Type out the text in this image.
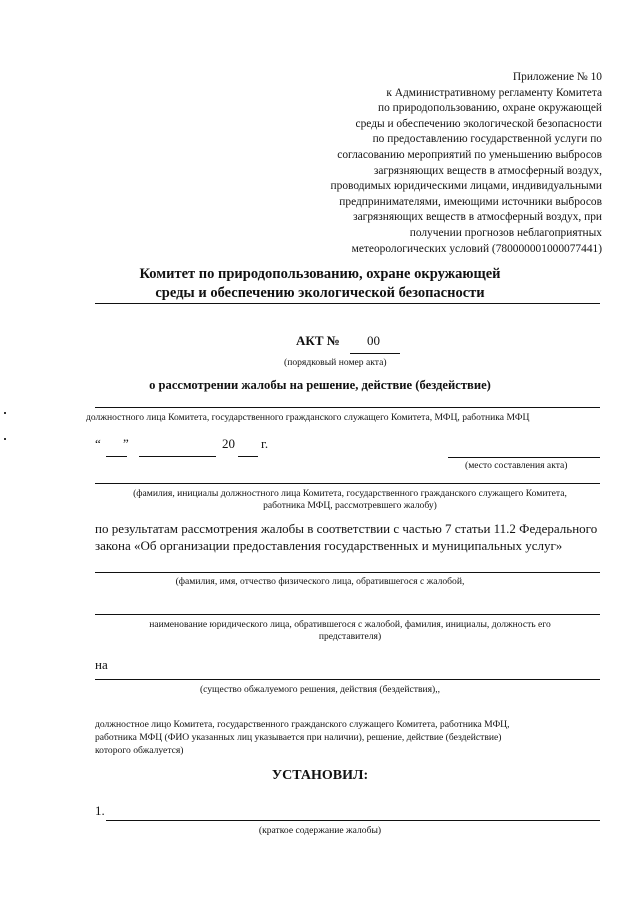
Приложение № 10
к Административному регламенту Комитета
по природопользованию, охране окружающей
среды и обеспечению экологической безопасности
по предоставлению государственной услуги по
согласованию мероприятий по уменьшению выбросов
загрязняющих веществ в атмосферный воздух,
проводимых юридическими лицами, индивидуальными
предпринимателями, имеющими источники выбросов
загрязняющих веществ в атмосферный воздух, при
получении прогнозов неблагоприятных
метеорологических условий (780000001000077441)
Комитет по природопользованию, охране окружающей
среды и обеспечению экологической безопасности
АКТ № 00
(порядковый номер акта)
о рассмотрении жалобы на решение, действие (бездействие)
должностного лица Комитета, государственного гражданского служащего Комитета, МФЦ, работника МФЦ
“ ”	20 г.
(место составления акта)
(фамилия, инициалы должностного лица Комитета, государственного гражданского служащего Комитета,
работника МФЦ, рассмотревшего жалобу)
по результатам рассмотрения жалобы в соответствии с частью 7 статьи 11.2 Федерального
закона «Об организации предоставления государственных и муниципальных услуг»
(фамилия, имя, отчество физического лица, обратившегося с жалобой,
наименование юридического лица, обратившегося с жалобой, фамилия, инициалы, должность его
представителя)
на
(существо обжалуемого решения, действия (бездействия),,
должностное лицо Комитета, государственного гражданского служащего Комитета, работника МФЦ,
работника МФЦ (ФИО указанных лиц указывается при наличии), решение, действие (бездействие)
которого обжалуется)
УСТАНОВИЛ:
1.
(краткое содержание жалобы)
